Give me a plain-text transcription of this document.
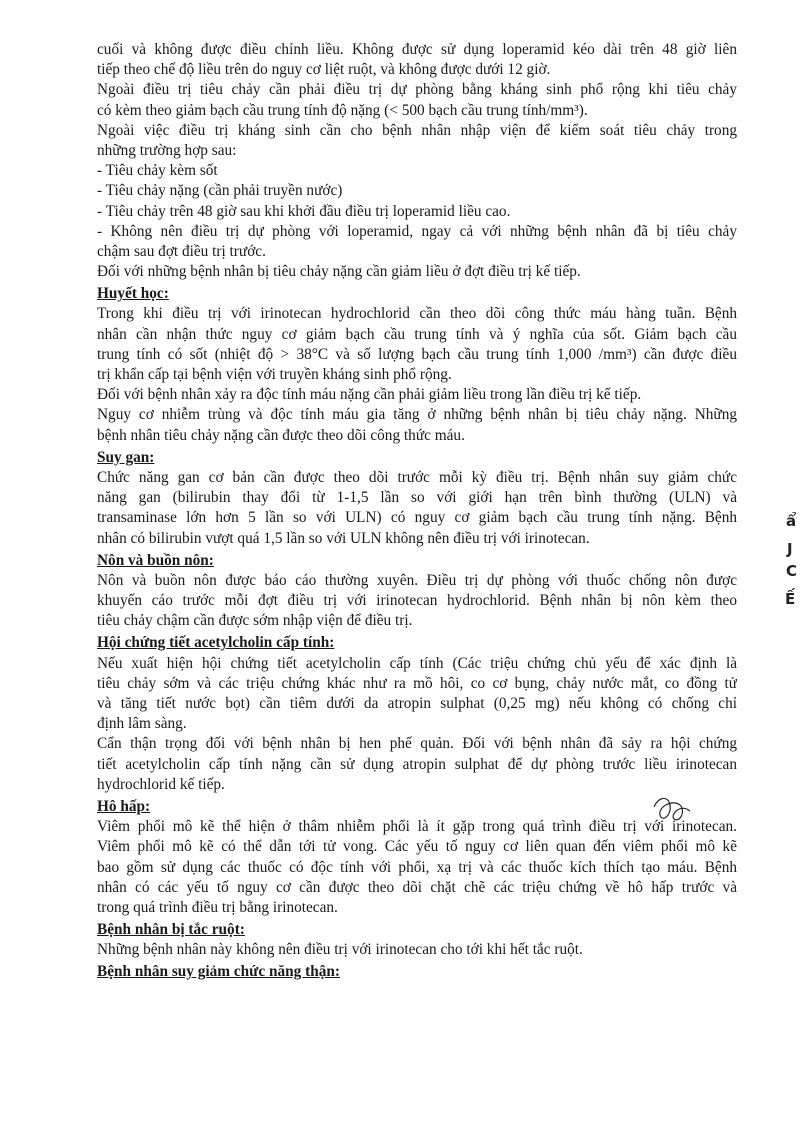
cuối và không được điều chỉnh liều. Không được sử dụng loperamid kéo dài trên 48 giờ liên
tiếp theo chế độ liều trên do nguy cơ liệt ruột, và không được dưới 12 giờ.
Ngoài điều trị tiêu chảy cần phải điều trị dự phòng bằng kháng sinh phổ rộng khi tiêu chảy
có kèm theo giảm bạch cầu trung tính độ nặng (< 500 bạch cầu trung tính/mm³).
Ngoài việc điều trị kháng sinh cần cho bệnh nhân nhập viện để kiểm soát tiêu chảy trong
những trường hợp sau:
- Tiêu chảy kèm sốt
- Tiêu chảy nặng (cần phải truyền nước)
- Tiêu chảy trên 48 giờ sau khi khởi đầu điều trị loperamid liều cao.
- Không nên điều trị dự phòng với loperamid, ngay cả với những bệnh nhân đã bị tiêu chảy
chậm sau đợt điều trị trước.
Đối với những bệnh nhân bị tiêu chảy nặng cần giảm liều ở đợt điều trị kế tiếp.
Huyết học:
Trong khi điều trị với irinotecan hydrochlorid cần theo dõi công thức máu hàng tuần. Bệnh
nhân cần nhận thức nguy cơ giảm bạch cầu trung tính và ý nghĩa của sốt. Giảm bạch cầu
trung tính có sốt (nhiệt độ > 38°C và số lượng bạch cầu trung tính 1,000 /mm³) cần được điều
trị khẩn cấp tại bệnh viện với truyền kháng sinh phổ rộng.
Đối với bệnh nhân xảy ra độc tính máu nặng cần phải giảm liều trong lần điều trị kế tiếp.
Nguy cơ nhiễm trùng và độc tính máu gia tăng ở những bệnh nhân bị tiêu chảy nặng. Những
bệnh nhân tiêu chảy nặng cần được theo dõi công thức máu.
Suy gan:
Chức năng gan cơ bản cần được theo dõi trước mỗi kỳ điều trị. Bệnh nhân suy giảm chức
năng gan (bilirubin thay đổi từ 1-1,5 lần so với giới hạn trên bình thường (ULN) và
transaminase lớn hơn 5 lần so với ULN) có nguy cơ giảm bạch cầu trung tính nặng. Bệnh
nhân có bilirubin vượt quá 1,5 lần so với ULN không nên điều trị với irinotecan.
Nôn và buồn nôn:
Nôn và buồn nôn được báo cáo thường xuyên. Điều trị dự phòng với thuốc chống nôn được
khuyến cáo trước mỗi đợt điều trị với irinotecan hydrochlorid. Bệnh nhân bị nôn kèm theo
tiêu chảy chậm cần được sớm nhập viện để điều trị.
Hội chứng tiết acetylcholin cấp tính:
Nếu xuất hiện hội chứng tiết acetylcholin cấp tính (Các triệu chứng chủ yếu để xác định là
tiêu chảy sớm và các triệu chứng khác như ra mồ hôi, co cơ bụng, chảy nước mắt, co đồng tử
và tăng tiết nước bọt) cần tiêm dưới da atropin sulphat (0,25 mg) nếu không có chống chỉ
định lâm sàng.
Cẩn thận trọng đối với bệnh nhân bị hen phế quản. Đối với bệnh nhân đã sảy ra hội chứng
tiết acetylcholin cấp tính nặng cần sử dụng atropin sulphat để dự phòng trước liều irinotecan
hydrochlorid kế tiếp.
Hô hấp:
Viêm phổi mô kẽ thể hiện ở thâm nhiễm phổi là ít gặp trong quá trình điều trị với irinotecan.
Viêm phổi mô kẽ có thể dẫn tới tử vong. Các yếu tố nguy cơ liên quan đến viêm phổi mô kẽ
bao gồm sử dụng các thuốc có độc tính với phổi, xạ trị và các thuốc kích thích tạo máu. Bệnh
nhân có các yếu tố nguy cơ cần được theo dõi chặt chẽ các triệu chứng về hô hấp trước và
trong quá trình điều trị bằng irinotecan.
Bệnh nhân bị tắc ruột:
Những bệnh nhân này không nên điều trị với irinotecan cho tới khi hết tắc ruột.
Bệnh nhân suy giảm chức năng thận:
ẩ
J
C
Ế
